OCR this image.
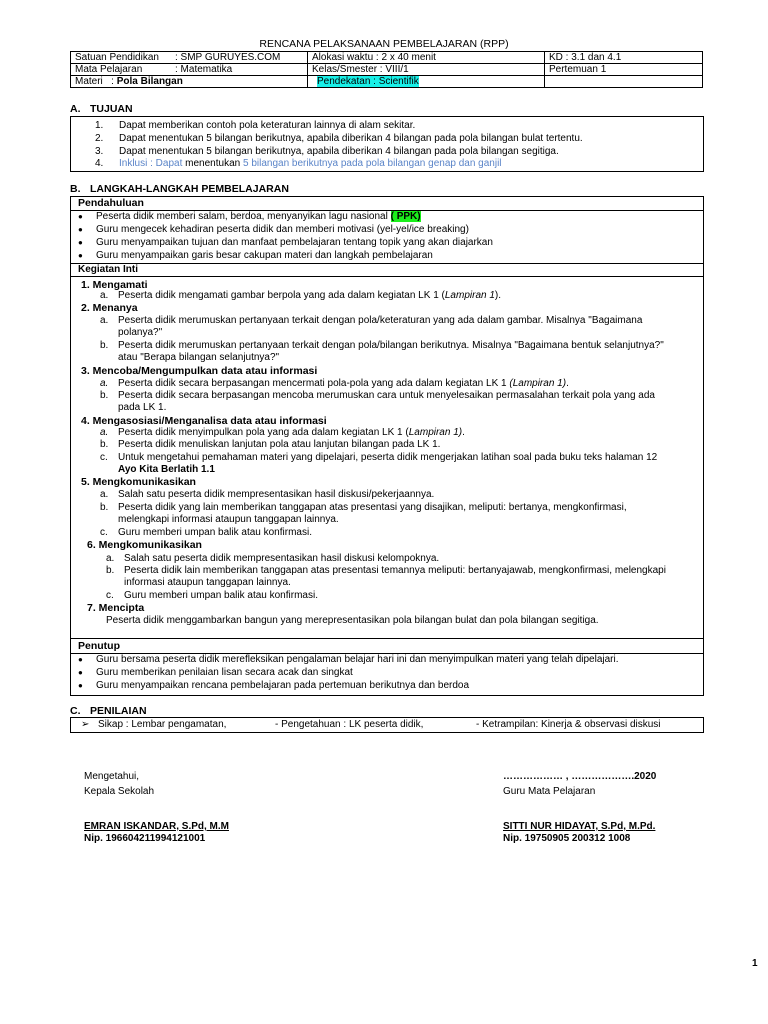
RENCANA PELAKSANAAN PEMBELAJARAN (RPP)
Satuan Pendidikan : SMP GURUYES.COM	Alokasi waktu : 2 x 40 menit	KD : 3.1 dan 4.1
Mata Pelajaran : Matematika	Kelas/Smester : VIII/1	Pertemuan 1
Materi : Pola Bilangan	Pendekatan : Scientifik	
A. TUJUAN
1. Dapat memberikan contoh pola keteraturan lainnya di alam sekitar.
2. Dapat menentukan 5 bilangan berikutnya, apabila diberikan 4 bilangan pada pola bilangan bulat tertentu.
3. Dapat menentukan 5 bilangan berikutnya, apabila diberikan 4 bilangan pada pola bilangan segitiga.
4. Inklusi : Dapat menentukan 5 bilangan berikutnya pada pola bilangan genap dan ganjil
B. LANGKAH-LANGKAH PEMBELAJARAN
Pendahuluan
● Peserta didik memberi salam, berdoa, menyanyikan lagu nasional ( PPK)
● Guru mengecek kehadiran peserta didik dan memberi motivasi (yel-yel/ice breaking)
● Guru menyampaikan tujuan dan manfaat pembelajaran tentang topik yang akan diajarkan
● Guru menyampaikan garis besar cakupan materi dan langkah pembelajaran
Kegiatan Inti
1. Mengamati
a. Peserta didik mengamati gambar berpola yang ada dalam kegiatan LK 1 (Lampiran 1).
2. Menanya
a. Peserta didik merumuskan pertanyaan terkait dengan pola/keteraturan yang ada dalam gambar. Misalnya "Bagaimana
polanya?"
b. Peserta didik merumuskan pertanyaan terkait dengan pola/bilangan berikutnya. Misalnya "Bagaimana bentuk selanjutnya?"
atau "Berapa bilangan selanjutnya?"
3. Mencoba/Mengumpulkan data atau informasi
a. Peserta didik secara berpasangan mencermati pola-pola yang ada dalam kegiatan LK 1 (Lampiran 1).
b. Peserta didik secara berpasangan mencoba merumuskan cara untuk menyelesaikan permasalahan terkait pola yang ada
pada LK 1.
4. Mengasosiasi/Menganalisa data atau informasi
a. Peserta didik menyimpulkan pola yang ada dalam kegiatan LK 1 (Lampiran 1).
b. Peserta didik menuliskan lanjutan pola atau lanjutan bilangan pada LK 1.
c. Untuk mengetahui pemahaman materi yang dipelajari, peserta didik mengerjakan latihan soal pada buku teks halaman 12
Ayo Kita Berlatih 1.1
5. Mengkomunikasikan
a. Salah satu peserta didik mempresentasikan hasil diskusi/pekerjaannya.
b. Peserta didik yang lain memberikan tanggapan atas presentasi yang disajikan, meliputi: bertanya, mengkonfirmasi,
melengkapi informasi ataupun tanggapan lainnya.
c. Guru memberi umpan balik atau konfirmasi.
6. Mengkomunikasikan
a. Salah satu peserta didik mempresentasikan hasil diskusi kelompoknya.
b. Peserta didik lain memberikan tanggapan atas presentasi temannya meliputi: bertanyajawab, mengkonfirmasi, melengkapi
informasi ataupun tanggapan lainnya.
c. Guru memberi umpan balik atau konfirmasi.
7. Mencipta
Peserta didik menggambarkan bangun yang merepresentasikan pola bilangan bulat dan pola bilangan segitiga.
Penutup
● Guru bersama peserta didik merefleksikan pengalaman belajar hari ini dan menyimpulkan materi yang telah dipelajari.
● Guru memberikan penilaian lisan secara acak dan singkat
● Guru menyampaikan rencana pembelajaran pada pertemuan berikutnya dan berdoa
C. PENILAIAN
➢ Sikap : Lembar pengamatan,	- Pengetahuan : LK peserta didik,	- Ketrampilan: Kinerja & observasi diskusi
Mengetahui,
Kepala Sekolah
EMRAN ISKANDAR, S.Pd, M.M
Nip. 196604211994121001
……………… , ……………….2020
Guru Mata Pelajaran
SITTI NUR HIDAYAT, S.Pd, M.Pd.
Nip. 19750905 200312 1008
1
